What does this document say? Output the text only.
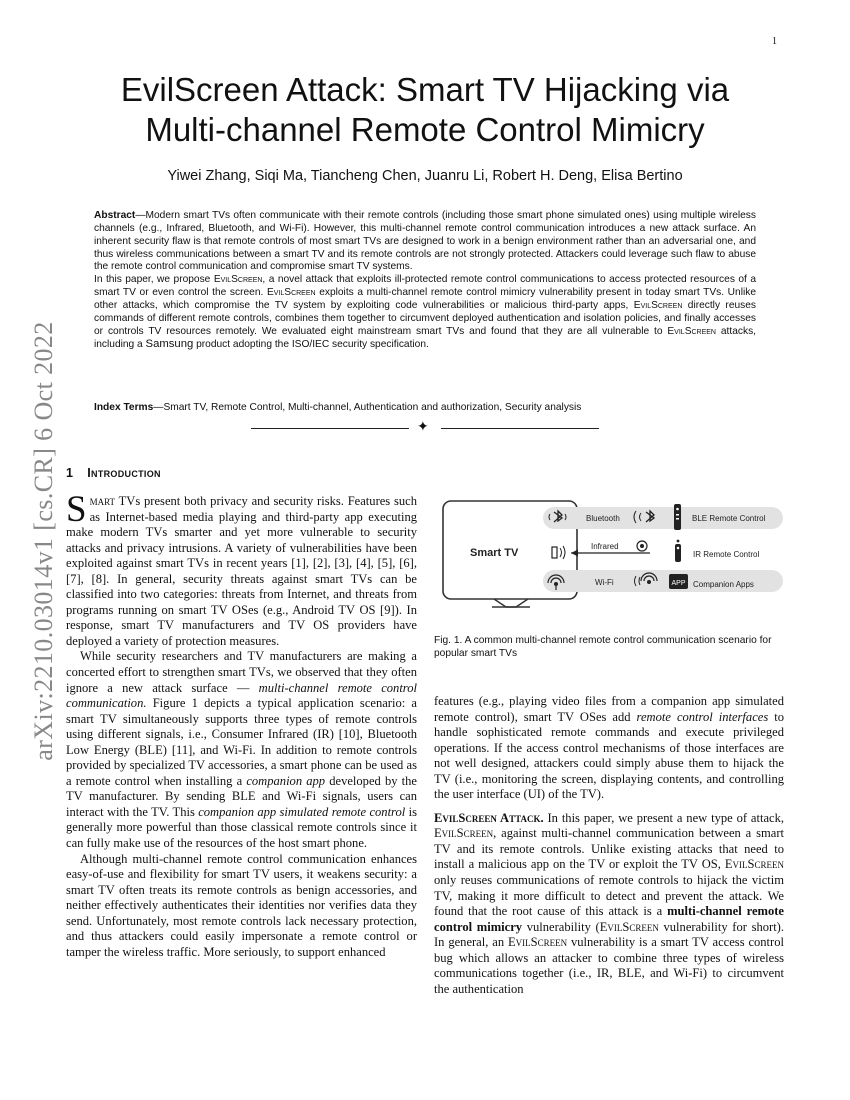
1
arXiv:2210.03014v1 [cs.CR] 6 Oct 2022
EvilScreen Attack: Smart TV Hijacking via
Multi-channel Remote Control Mimicry
Yiwei Zhang, Siqi Ma, Tiancheng Chen, Juanru Li, Robert H. Deng, Elisa Bertino

Abstract—Modern smart TVs often communicate with their remote controls (including those smart phone simulated ones) using multiple wireless channels (e.g., Infrared, Bluetooth, and Wi-Fi). However, this multi-channel remote control communication introduces a new attack surface. An inherent security flaw is that remote controls of most smart TVs are designed to work in a benign environment rather than an adversarial one, and thus wireless communications between a smart TV and its remote controls are not strongly protected. Attackers could leverage such flaw to abuse the remote control communication and compromise smart TV systems.

In this paper, we propose EvilScreen, a novel attack that exploits ill-protected remote control communications to access protected resources of a smart TV or even control the screen. EvilScreen exploits a multi-channel remote control mimicry vulnerability present in today smart TVs. Unlike other attacks, which compromise the TV system by exploiting code vulnerabilities or malicious third-party apps, EvilScreen directly reuses commands of different remote controls, combines them together to circumvent deployed authentication and isolation policies, and finally accesses or controls TV resources remotely. We evaluated eight mainstream smart TVs and found that they are all vulnerable to EvilScreen attacks, including a Samsung product adopting the ISO/IEC security specification.

Index Terms—Smart TV, Remote Control, Multi-channel, Authentication and authorization, Security analysis
✦
1 Introduction

Smart TVs present both privacy and security risks. Features such as Internet-based media playing and third-party app executing make modern TVs smarter and yet more vulnerable to security attacks and privacy intrusions. A variety of vulnerabilities have been exploited against smart TVs in recent years [1], [2], [3], [4], [5], [6], [7], [8]. In general, security threats against smart TVs can be classified into two categories: threats from Internet, and threats from programs running on smart TV OSes (e.g., Android TV OS [9]). In response, smart TV manufacturers and TV OS providers have deployed a variety of protection measures.

While security researchers and TV manufacturers are making a concerted effort to strengthen smart TVs, we observed that they often ignore a new attack surface — multi-channel remote control communication. Figure 1 depicts a typical application scenario: a smart TV simultaneously supports three types of remote controls using different signals, i.e., Consumer Infrared (IR) [10], Bluetooth Low Energy (BLE) [11], and Wi-Fi. In addition to remote controls provided by specialized TV accessories, a smart phone can be used as a remote control when installing a companion app developed by the TV manufacturer. By sending BLE and Wi-Fi signals, users can interact with the TV. This companion app simulated remote control is generally more powerful than those classical remote controls since it can fully make use of the resources of the host smart phone.

Although multi-channel remote control communication enhances easy-of-use and flexibility for smart TV users, it weakens security: a smart TV often treats its remote controls as benign accessories, and neither effectively authenticates their identities nor verifies data they send. Unfortunately, most remote controls lack necessary protection, and thus attackers could easily impersonate a remote control or tamper the wireless traffic. More seriously, to support enhanced

Smart TV
Bluetooth
Infrared
Wi-Fi	APP
BLE Remote Control
IR Remote Control
Companion Apps
Fig. 1. A common multi-channel remote control communication scenario for popular smart TVs

features (e.g., playing video files from a companion app simulated remote control), smart TV OSes add remote control interfaces to handle sophisticated remote commands and execute privileged operations. If the access control mechanisms of those interfaces are not well designed, attackers could simply abuse them to hijack the TV (i.e., monitoring the screen, displaying contents, and controlling the user interface (UI) of the TV).

EvilScreen Attack. In this paper, we present a new type of attack, EvilScreen, against multi-channel communication between a smart TV and its remote controls. Unlike existing attacks that need to install a malicious app on the TV or exploit the TV OS, EvilScreen only reuses communications of remote controls to hijack the victim TV, making it more difficult to detect and prevent the attack. We found that the root cause of this attack is a multi-channel remote control mimicry vulnerability (EvilScreen vulnerability for short). In general, an EvilScreen vulnerability is a smart TV access control bug which allows an attacker to combine three types of wireless communications together (i.e., IR, BLE, and Wi-Fi) to circumvent the authentication
